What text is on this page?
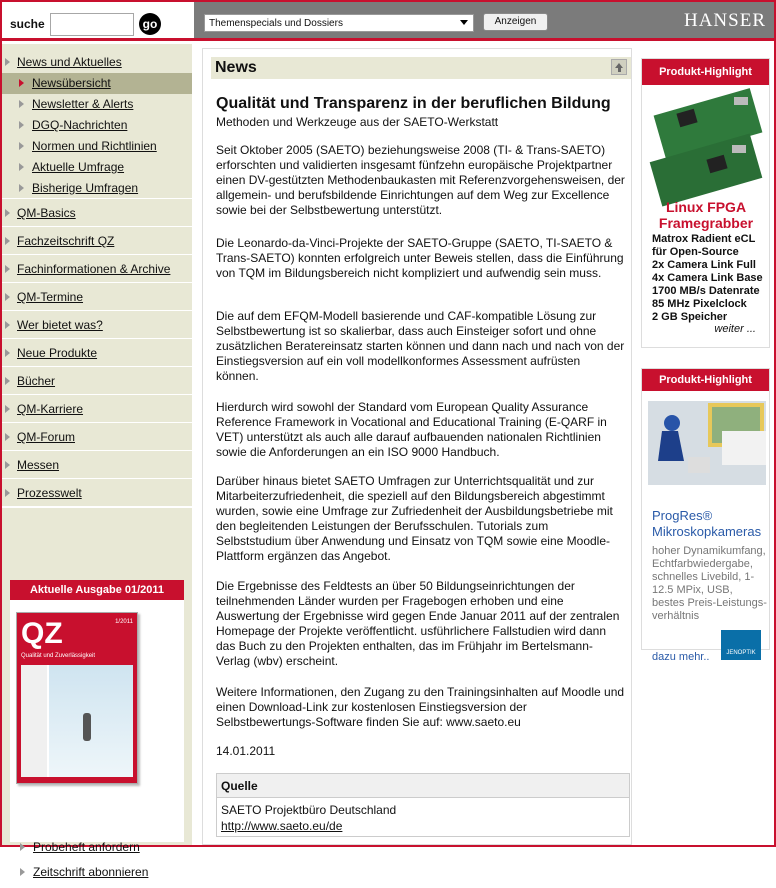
suche	go	Themenspecials und Dossiers	Anzeigen	HANSER
News und Aktuelles
Newsübersicht
Newsletter & Alerts
DGQ-Nachrichten
Normen und Richtlinien
Aktuelle Umfrage
Bisherige Umfragen
QM-Basics
Fachzeitschrift QZ
Fachinformationen & Archive
QM-Termine
Wer bietet was?
Neue Produkte
Bücher
QM-Karriere
QM-Forum
Messen
Prozesswelt
Aktuelle Ausgabe 01/2011
QZ	1/2011
Qualität und Zuverlässigkeit
Probeheft anfordern
Zeitschrift abonnieren
News
Qualität und Transparenz in der beruflichen Bildung
Methoden und Werkzeuge aus der SAETO-Werkstatt
Seit Oktober 2005 (SAETO) beziehungsweise 2008 (TI- & Trans-SAETO) erforschten und validierten insgesamt fünfzehn europäische Projektpartner einen DV-gestützten Methodenbaukasten mit Referenzvorgehensweisen, der allgemein- und berufsbildende Einrichtungen auf dem Weg zur Excellence sowie bei der Selbstbewertung unterstützt.
Die Leonardo-da-Vinci-Projekte der SAETO-Gruppe (SAETO, TI-SAETO & Trans-SAETO) konnten erfolgreich unter Beweis stellen, dass die Einführung von TQM im Bildungsbereich nicht kompliziert und aufwendig sein muss.
Die auf dem EFQM-Modell basierende und CAF-kompatible Lösung zur Selbstbewertung ist so skalierbar, dass auch Einsteiger sofort und ohne zusätzlichen Beratereinsatz starten können und dann nach und nach von der Einstiegsversion auf ein voll modellkonformes Assessment aufrüsten können.
Hierdurch wird sowohl der Standard vom European Quality Assurance Reference Framework in Vocational and Educational Training (E-QARF in VET) unterstützt als auch alle darauf aufbauenden nationalen Richtlinien sowie die Anforderungen an ein ISO 9000 Handbuch.
Darüber hinaus bietet SAETO Umfragen zur Unterrichtsqualität und zur Mitarbeiterzufriedenheit, die speziell auf den Bildungsbereich abgestimmt wurden, sowie eine Umfrage zur Zufriedenheit der Ausbildungsbetriebe mit den begleitenden Leistungen der Berufsschulen. Tutorials zum Selbststudium über Anwendung und Einsatz von TQM sowie eine Moodle-Plattform ergänzen das Angebot.
Die Ergebnisse des Feldtests an über 50 Bildungseinrichtungen der teilnehmenden Länder wurden per Fragebogen erhoben und eine Auswertung der Ergebnisse wird gegen Ende Januar 2011 auf der zentralen Homepage der Projekte veröffentlicht. usführlichere Fallstudien wird dann das Buch zu den Projekten enthalten, das im Frühjahr im Bertelsmann-Verlag (wbv) erscheint.
Weitere Informationen, den Zugang zu den Trainingsinhalten auf Moodle und einen Download-Link zur kostenlosen Einstiegsversion der Selbstbewertungs-Software finden Sie auf: www.saeto.eu
14.01.2011
Quelle
SAETO Projektbüro Deutschland
http://www.saeto.eu/de
Produkt-Highlight
Linux FPGA Framegrabber
Matrox Radient eCL
für Open-Source
2x Camera Link Full
4x Camera Link Base
1700 MB/s Datenrate
85 MHz Pixelclock
2 GB Speicher
weiter ...
Produkt-Highlight
ProgRes® Mikroskopkameras
hoher Dynamikumfang, Echtfarbwiedergabe, schnelles Livebild, 1-12.5 MPix, USB, bestes Preis-Leistungs-verhältnis
dazu mehr..	JENOPTIK
